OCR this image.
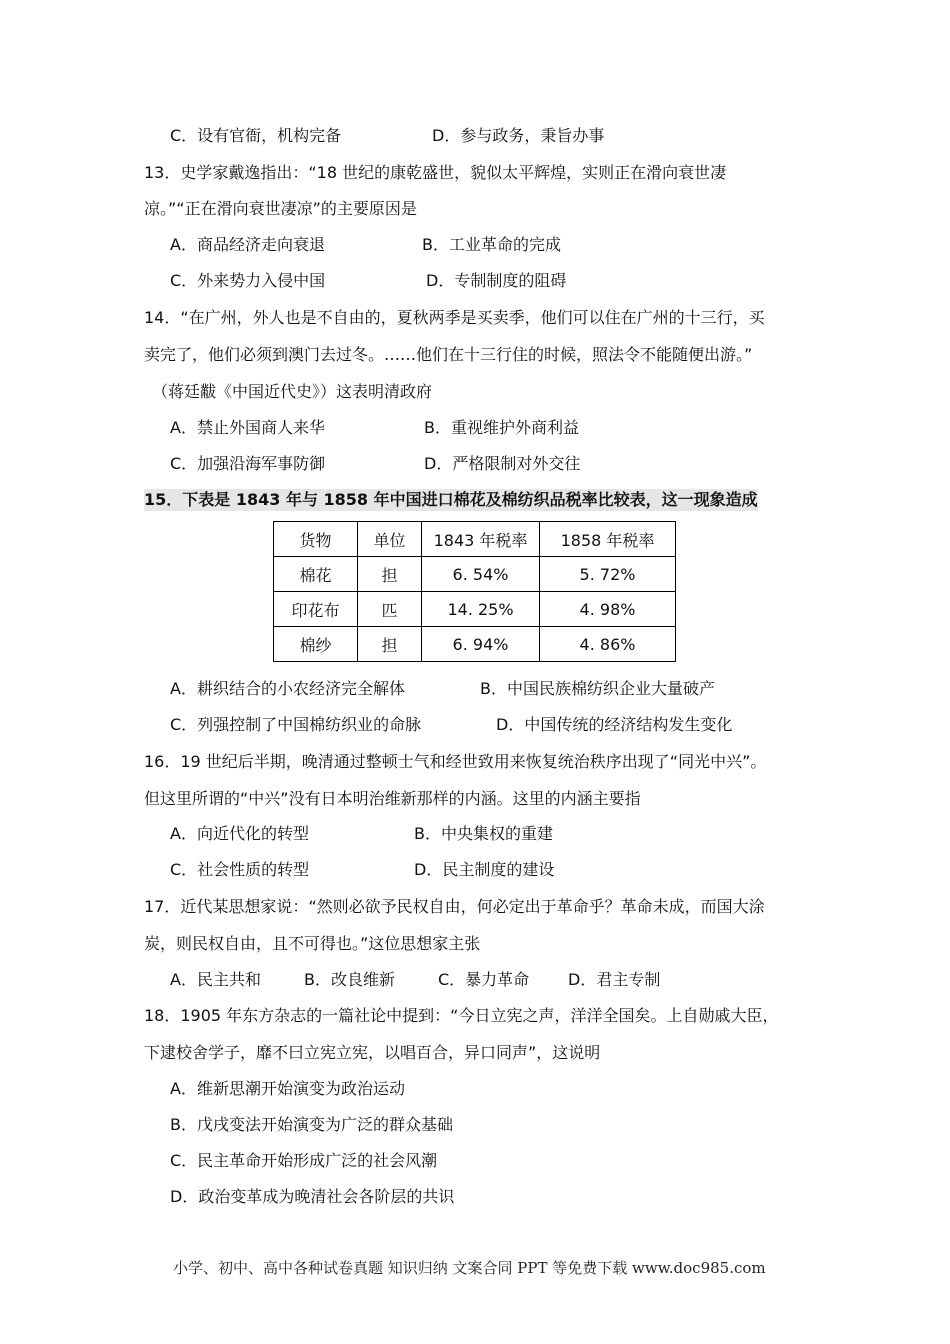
C．设有官衙，机构完备	D．参与政务，秉旨办事
13．史学家戴逸指出：“18 世纪的康乾盛世，貌似太平辉煌，实则正在滑向衰世凄
凉。”“正在滑向衰世凄凉”的主要原因是
A．商品经济走向衰退	B．工业革命的完成
C．外来势力入侵中国	D．专制制度的阻碍
14．“在广州，外人也是不自由的，夏秋两季是买卖季，他们可以住在广州的十三行，买
卖完了，他们必须到澳门去过冬。……他们在十三行住的时候，照法令不能随便出游。”
（蒋廷黻《中国近代史》）这表明清政府
A．禁止外国商人来华	B．重视维护外商利益
C．加强沿海军事防御	D．严格限制对外交往
15．下表是 1843 年与 1858 年中国进口棉花及棉纺织品税率比较表，这一现象造成
货物	单位	1843 年税率	1858 年税率
棉花	担	6. 54%	5. 72%
印花布	匹	14. 25%	4. 98%
棉纱	担	6. 94%	4. 86%
A．耕织结合的小农经济完全解体	B．中国民族棉纺织企业大量破产
C．列强控制了中国棉纺织业的命脉	D．中国传统的经济结构发生变化
16．19 世纪后半期，晚清通过整顿士气和经世致用来恢复统治秩序出现了“同光中兴”。
但这里所谓的“中兴”没有日本明治维新那样的内涵。这里的内涵主要指
A．向近代化的转型	B．中央集权的重建
C．社会性质的转型	D．民主制度的建设
17．近代某思想家说：“然则必欲予民权自由，何必定出于革命乎？革命未成，而国大涂
炭，则民权自由，且不可得也。”这位思想家主张
A．民主共和	B．改良维新	C．暴力革命 D．君主专制
18．1905 年东方杂志的一篇社论中提到：“今日立宪之声，洋洋全国矣。上自勋戚大臣，
下逮校舍学子，靡不曰立宪立宪，以唱百合，异口同声”，这说明
A．维新思潮开始演变为政治运动
B．戊戌变法开始演变为广泛的群众基础
C．民主革命开始形成广泛的社会风潮
D．政治变革成为晚清社会各阶层的共识
小学、初中、高中各种试卷真题 知识归纳 文案合同 PPT 等免费下载 www.doc985.com
